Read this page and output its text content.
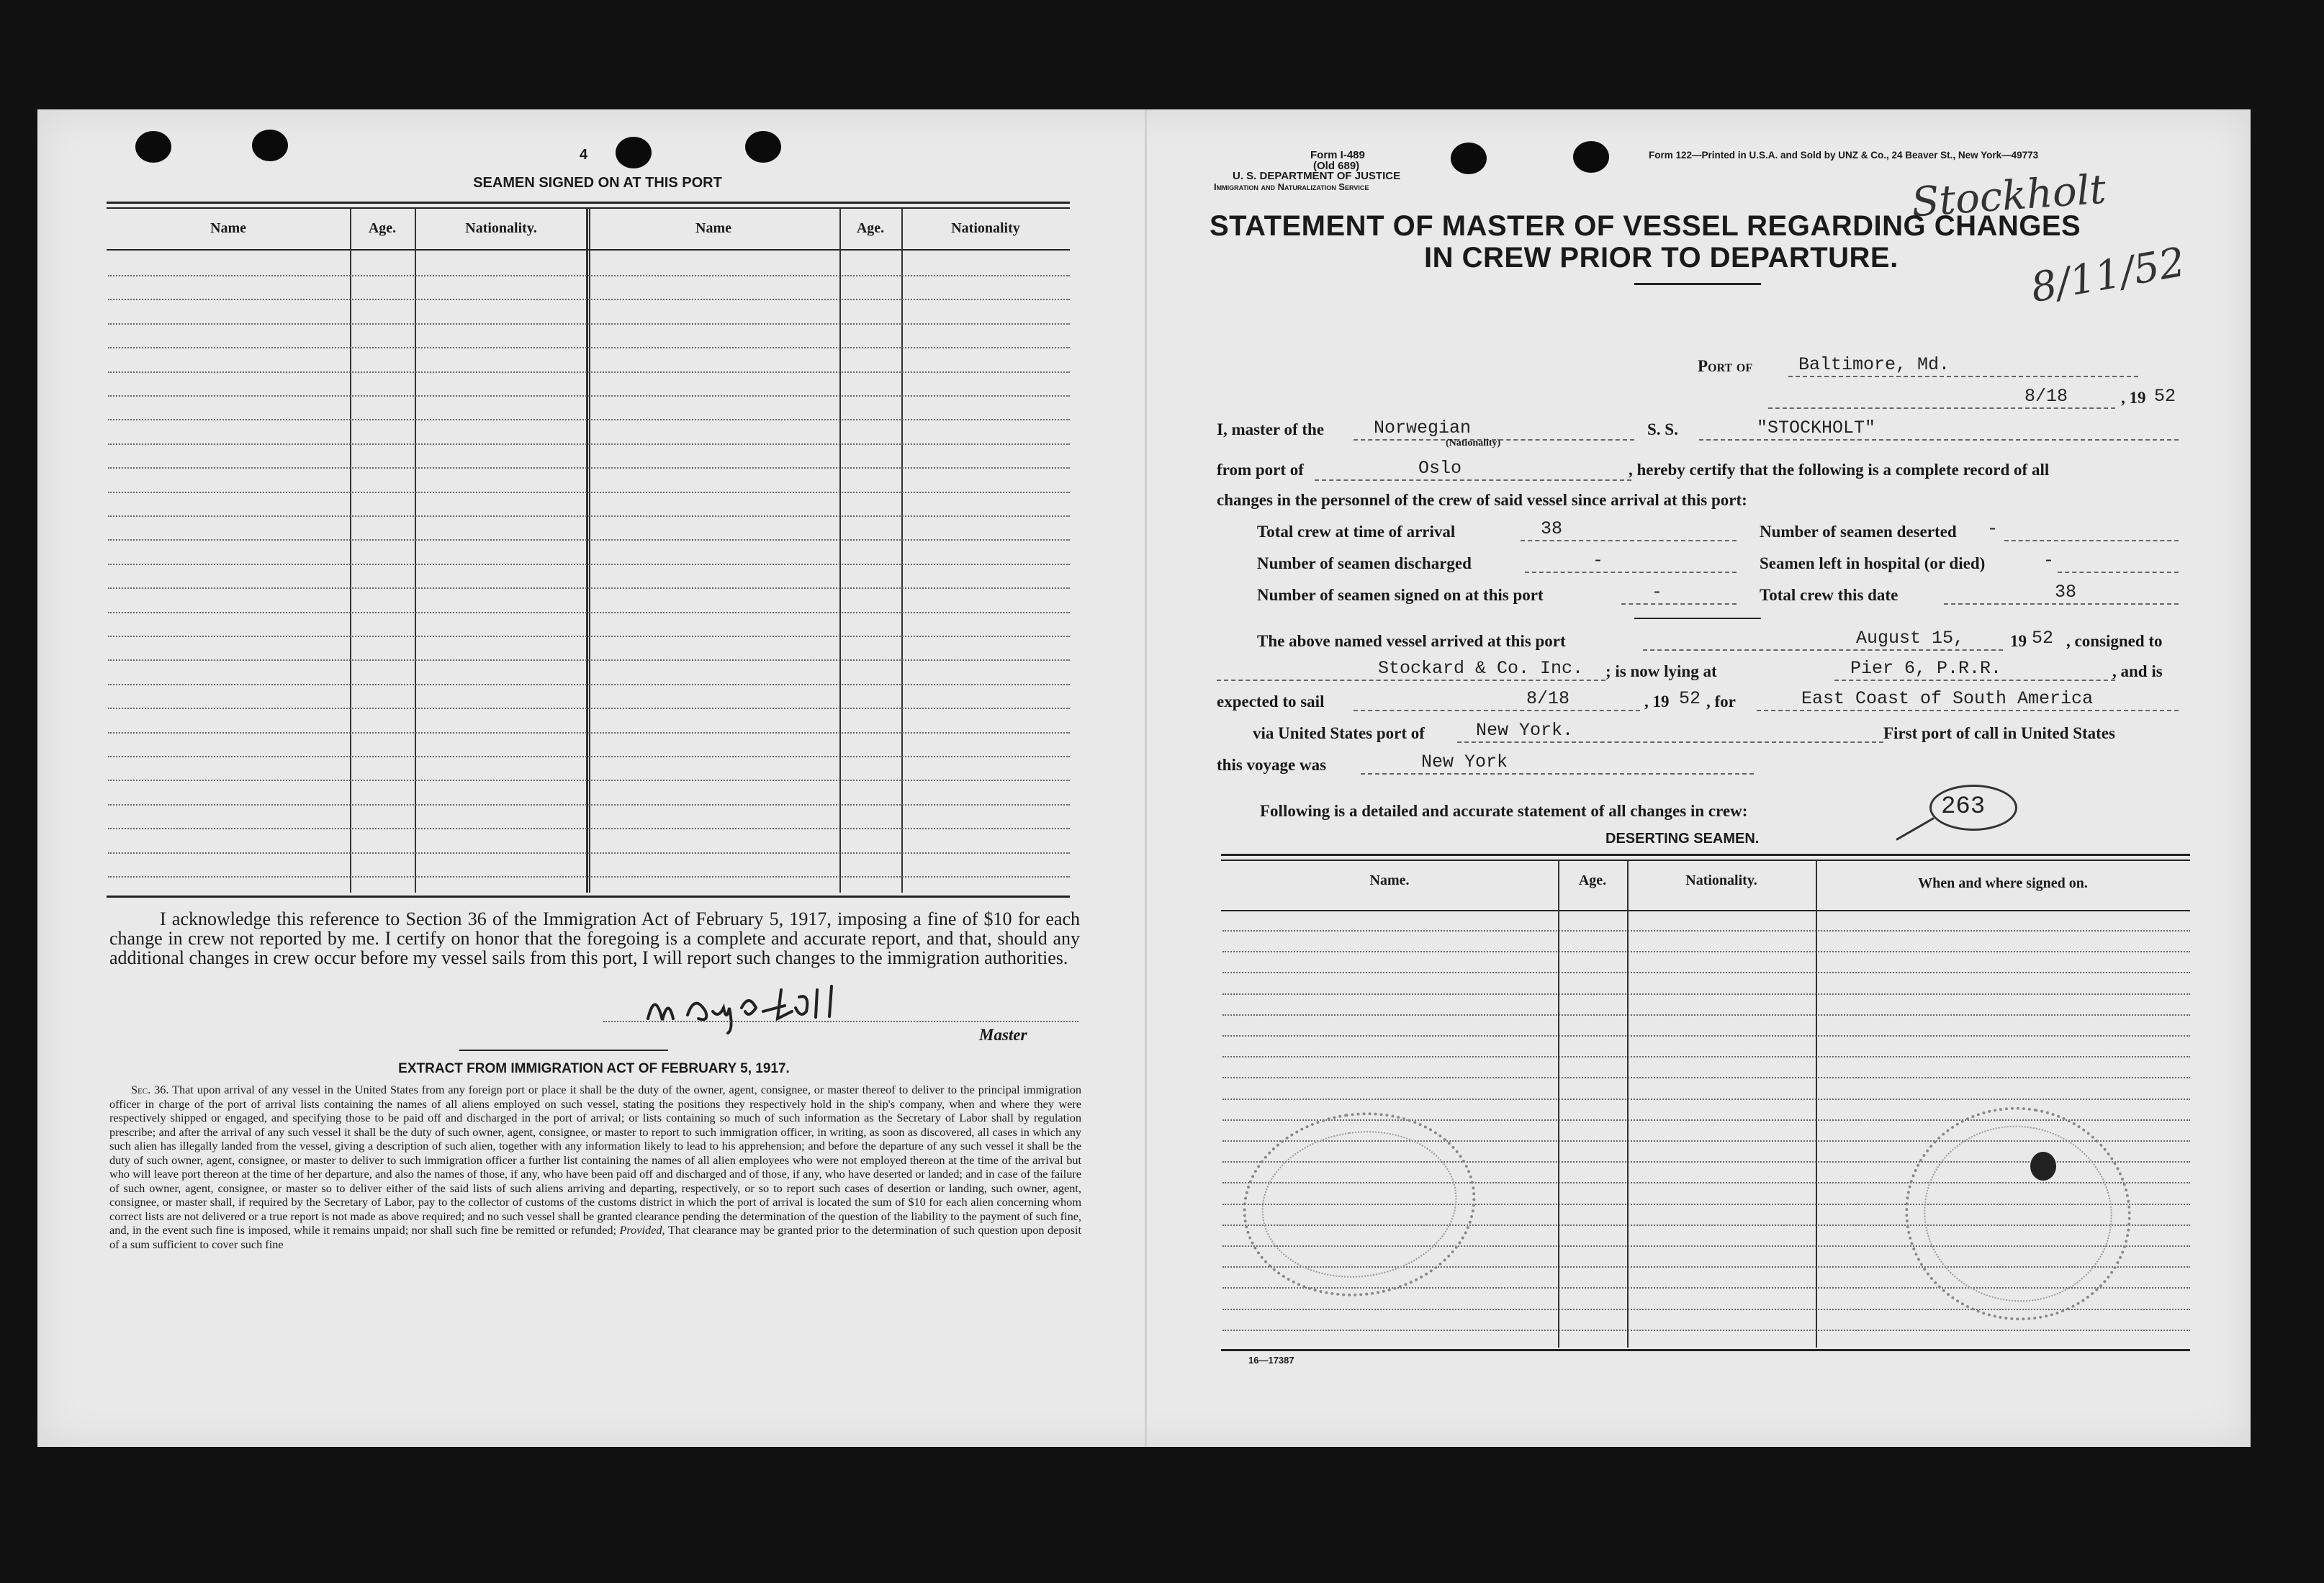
4
SEAMEN SIGNED ON AT THIS PORT
Name	Age.	Nationality.	Name	Age.	Nationality
I acknowledge this reference to Section 36 of the Immigration Act of February 5, 1917, imposing a fine of $10 for each change in crew not reported by me. I certify on honor that the foregoing is a complete and accurate report, and that, should any additional changes in crew occur before my vessel sails from this port, I will report such changes to the immigration authorities.
Master
EXTRACT FROM IMMIGRATION ACT OF FEBRUARY 5, 1917.
Sec. 36. That upon arrival of any vessel in the United States from any foreign port or place it shall be the duty of the owner, agent, consignee, or master thereof to deliver to the principal immigration officer in charge of the port of arrival lists containing the names of all aliens employed on such vessel, stating the positions they respectively hold in the ship's company, when and where they were respectively shipped or engaged, and specifying those to be paid off and discharged in the port of arrival; or lists containing so much of such information as the Secretary of Labor shall by regulation prescribe; and after the arrival of any such vessel it shall be the duty of such owner, agent, consignee, or master to report to such immigration officer, in writing, as soon as discovered, all cases in which any such alien has illegally landed from the vessel, giving a description of such alien, together with any information likely to lead to his apprehension; and before the departure of any such vessel it shall be the duty of such owner, agent, consignee, or master to deliver to such immigration officer a further list containing the names of all alien employees who were not employed thereon at the time of the arrival but who will leave port thereon at the time of her departure, and also the names of those, if any, who have been paid off and discharged and of those, if any, who have deserted or landed; and in case of the failure of such owner, agent, consignee, or master so to deliver either of the said lists of such aliens arriving and departing, respectively, or so to report such cases of desertion or landing, such owner, agent, consignee, or master shall, if required by the Secretary of Labor, pay to the collector of customs of the customs district in which the port of arrival is located the sum of $10 for each alien concerning whom correct lists are not delivered or a true report is not made as above required; and no such vessel shall be granted clearance pending the determination of the question of the liability to the payment of such fine, and, in the event such fine is imposed, while it remains unpaid; nor shall such fine be remitted or refunded; Provided, That clearance may be granted prior to the determination of such question upon deposit of a sum sufficient to cover such fine
Form I-489
(Old 689)
U. S. DEPARTMENT OF JUSTICE
Immigration and Naturalization Service
Form 122—Printed in U.S.A. and Sold by UNZ & Co., 24 Beaver St., New York—49773
Stockholt
8/11/52
STATEMENT OF MASTER OF VESSEL REGARDING CHANGES
IN CREW PRIOR TO DEPARTURE.
Port of	Baltimore, Md.
8/18	, 19 52
I, master of the	Norwegian
(Nationality)
S. S.	"STOCKHOLT"
from port of	Oslo	, hereby certify that the following is a complete record of all
changes in the personnel of the crew of said vessel since arrival at this port:
Total crew at time of arrival	38	Number of seamen deserted -
Number of seamen discharged	-	Seamen left in hospital (or died)	-
Number of seamen signed on at this port	-	Total crew this date	38
The above named vessel arrived at this port	August 15,	19 52 , consigned to
Stockard & Co. Inc. ; is now lying at	Pier 6, P.R.R.	, and is
expected to sail	8/18	, 19 52 , for	East Coast of South America
via United States port of	New York.	First port of call in United States
this voyage was	New York
Following is a detailed and accurate statement of all changes in crew:	263
DESERTING SEAMEN.
Name.	Age.	Nationality.	When and where signed on.
16—17387
